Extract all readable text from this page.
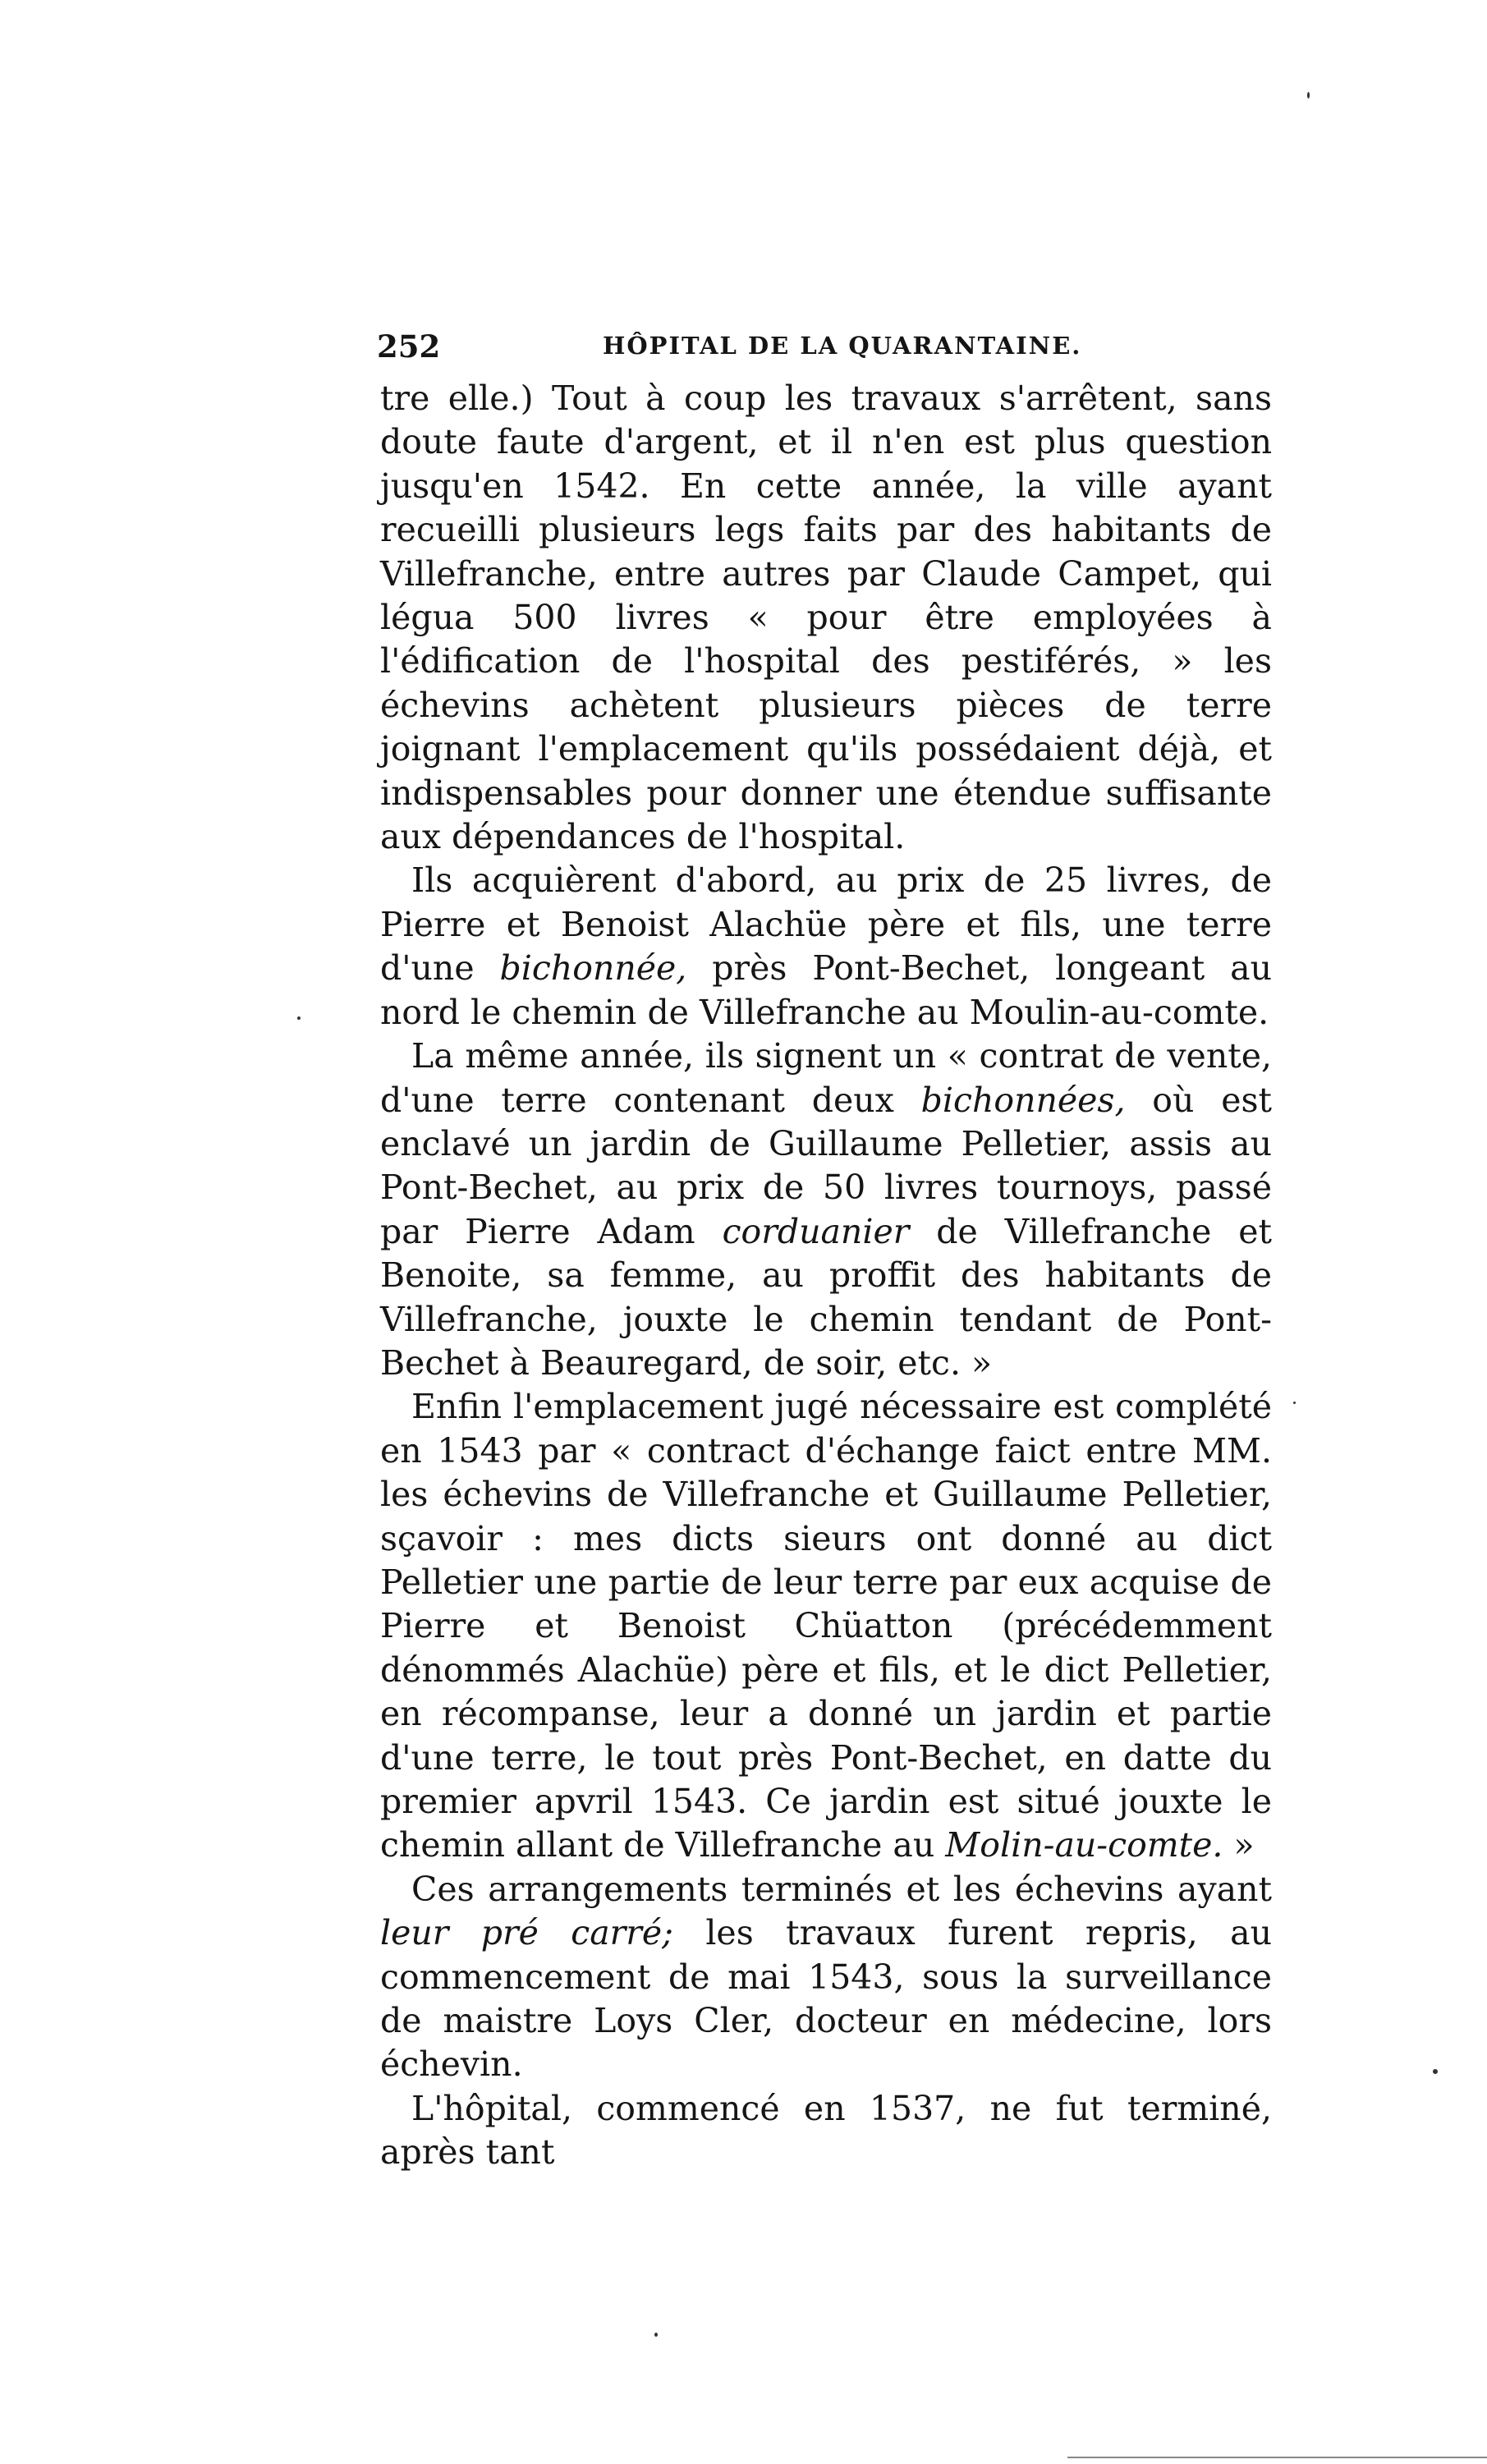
252	HÔPITAL DE LA QUARANTAINE.

tre elle.) Tout à coup les travaux s'arrêtent, sans doute faute d'argent, et il n'en est plus question jusqu'en 1542. En cette année, la ville ayant recueilli plusieurs legs faits par des habitants de Villefranche, entre autres par Claude Campet, qui légua 500 livres « pour être employées à l'édification de l'hospital des pestiférés, » les échevins achètent plusieurs pièces de terre joignant l'emplacement qu'ils possédaient déjà, et indispensables pour donner une étendue suffisante aux dépendances de l'hospital.

Ils acquièrent d'abord, au prix de 25 livres, de Pierre et Benoist Alachüe père et fils, une terre d'une bichonnée, près Pont-Bechet, longeant au nord le chemin de Villefranche au Moulin-au-comte.

La même année, ils signent un « contrat de vente, d'une terre contenant deux bichonnées, où est enclavé un jardin de Guillaume Pelletier, assis au Pont-Bechet, au prix de 50 livres tournoys, passé par Pierre Adam corduanier de Villefranche et Benoite, sa femme, au proffit des habitants de Villefranche, jouxte le chemin tendant de Pont-Bechet à Beauregard, de soir, etc. »

Enfin l'emplacement jugé nécessaire est complété en 1543 par « contract d'échange faict entre MM. les échevins de Villefranche et Guillaume Pelletier, sçavoir : mes dicts sieurs ont donné au dict Pelletier une partie de leur terre par eux acquise de Pierre et Benoist Chüatton (précédemment dénommés Alachüe) père et fils, et le dict Pelletier, en récompanse, leur a donné un jardin et partie d'une terre, le tout près Pont-Bechet, en datte du premier apvril 1543. Ce jardin est situé jouxte le chemin allant de Villefranche au Molin-au-comte. »

Ces arrangements terminés et les échevins ayant leur pré carré; les travaux furent repris, au commencement de mai 1543, sous la surveillance de maistre Loys Cler, docteur en médecine, lors échevin.

L'hôpital, commencé en 1537, ne fut terminé, après tant
